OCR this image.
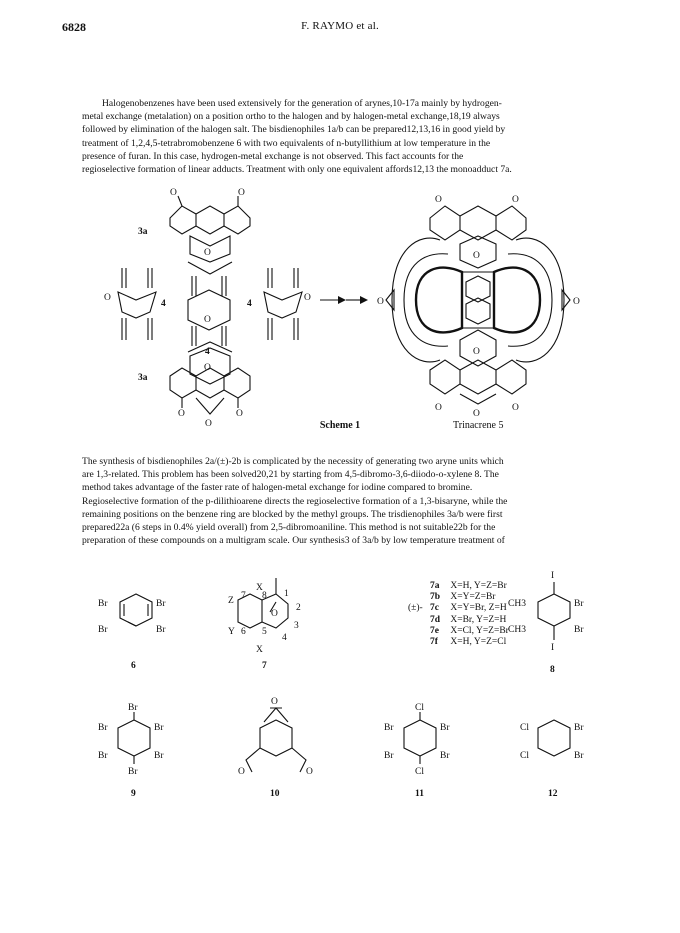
6828	F. RAYMO et al.
Halogenobenzenes have been used extensively for the generation of arynes,10-17a mainly by hydrogen-
metal exchange (metalation) on a position ortho to the halogen and by halogen-metal exchange,18,19 always
followed by elimination of the halogen salt. The bisdienophiles 1a/b can be prepared12,13,16 in good yield by
treatment of 1,2,4,5-tetrabromobenzene 6 with two equivalents of n-butyllithium at low temperature in the
presence of furan. In this case, hydrogen-metal exchange is not observed. This fact accounts for the
regioselective formation of linear adducts. Treatment with only one equivalent affords12,13 the monoadduct 7a.
3a
O	O
O
O
4
O
4
O
4
3a
O
O	O
O
O	O
O
O	O
O
O	O
O
Trinacrene 5
Scheme 1
The synthesis of bisdienophiles 2a/(±)-2b is complicated by the necessity of generating two aryne units which
are 1,3-related. This problem has been solved20,21 by starting from 4,5-dibromo-3,6-diiodo-o-xylene 8. The
method takes advantage of the faster rate of halogen-metal exchange for iodine compared to bromine.
Regioselective formation of the p-dilithioarene directs the regioselective formation of a 1,3-bisaryne, while the
remaining positions on the benzene ring are blocked by the methyl groups. The trisdienophiles 3a/b were first
prepared22a (6 steps in 0.4% yield overall) from 2,5-dibromoaniline. This method is not suitable22b for the
preparation of these compounds on a multigram scale. Our synthesis3 of 3a/b by low temperature treatment of
Br	Br
Br	Br
6
X
X
Z
Y
7 8
6 5
1
2
3
4
O
7
I
I
CH3
CH3
Br
Br
8
Br
Br
Br	Br
Br	Br
9
O
O	O
10
Cl
Cl
Br	Br
Br	Br
11
Cl
Cl
Br
Br
12
7a X=H, Y=Z=Br
7b X=Y=Z=Br
(±)- 7c X=Y=Br, Z=H
7d X=Br, Y=Z=H
7e X=Cl, Y=Z=Br
7f X=H, Y=Z=Cl
